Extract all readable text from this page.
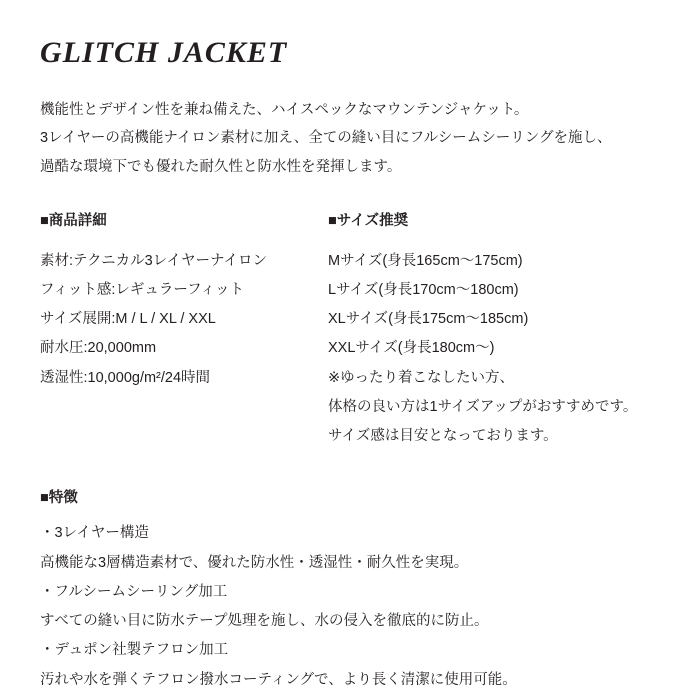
GLITCH JACKET
機能性とデザイン性を兼ね備えた、ハイスペックなマウンテンジャケット。
3レイヤーの高機能ナイロン素材に加え、全ての縫い目にフルシームシーリングを施し、
過酷な環境下でも優れた耐久性と防水性を発揮します。
■商品詳細
素材:テクニカル3レイヤーナイロン
フィット感:レギュラーフィット
サイズ展開:M / L / XL / XXL
耐水圧:20,000mm
透湿性:10,000g/m²/24時間
■サイズ推奨
Mサイズ(身長165cm〜175cm)
Lサイズ(身長170cm〜180cm)
XLサイズ(身長175cm〜185cm)
XXLサイズ(身長180cm〜)
※ゆったり着こなしたい方、
体格の良い方は1サイズアップがおすすめです。
サイズ感は目安となっております。
■特徴
・3レイヤー構造
高機能な3層構造素材で、優れた防水性・透湿性・耐久性を実現。
・フルシームシーリング加工
すべての縫い目に防水テープ処理を施し、水の侵入を徹底的に防止。
・デュポン社製テフロン加工
汚れや水を弾くテフロン撥水コーティングで、より長く清潔に使用可能。
